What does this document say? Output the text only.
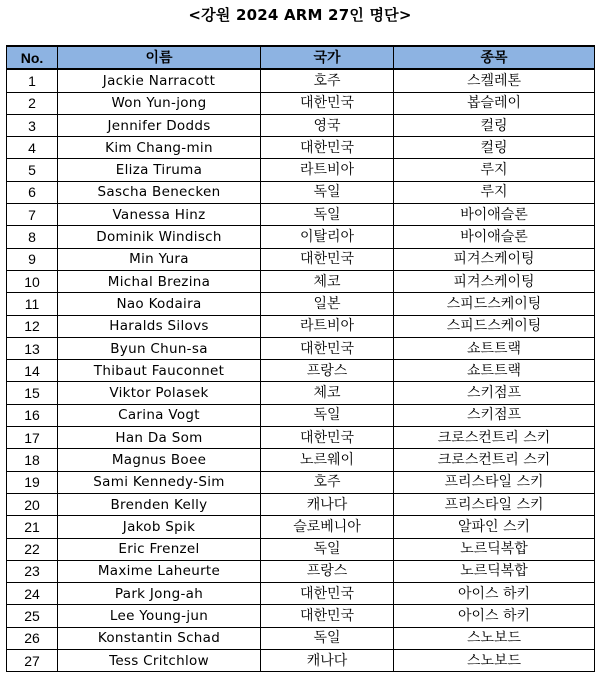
<강원 2024 ARM 27인 명단>
No.	이름	국가	종목
1	Jackie Narracott	호주	스켈레톤
2	Won Yun-jong	대한민국	봅슬레이
3	Jennifer Dodds	영국	컬링
4	Kim Chang-min	대한민국	컬링
5	Eliza Tiruma	라트비아	루지
6	Sascha Benecken	독일	루지
7	Vanessa Hinz	독일	바이애슬론
8	Dominik Windisch	이탈리아	바이애슬론
9	Min Yura	대한민국	피겨스케이팅
10	Michal Brezina	체코	피겨스케이팅
11	Nao Kodaira	일본	스피드스케이팅
12	Haralds Silovs	라트비아	스피드스케이팅
13	Byun Chun-sa	대한민국	쇼트트랙
14	Thibaut Fauconnet	프랑스	쇼트트랙
15	Viktor Polasek	체코	스키점프
16	Carina Vogt	독일	스키점프
17	Han Da Som	대한민국	크로스컨트리 스키
18	Magnus Boee	노르웨이	크로스컨트리 스키
19	Sami Kennedy-Sim	호주	프리스타일 스키
20	Brenden Kelly	캐나다	프리스타일 스키
21	Jakob Spik	슬로베니아	알파인 스키
22	Eric Frenzel	독일	노르딕복합
23	Maxime Laheurte	프랑스	노르딕복합
24	Park Jong-ah	대한민국	아이스 하키
25	Lee Young-jun	대한민국	아이스 하키
26	Konstantin Schad	독일	스노보드
27	Tess Critchlow	캐나다	스노보드
